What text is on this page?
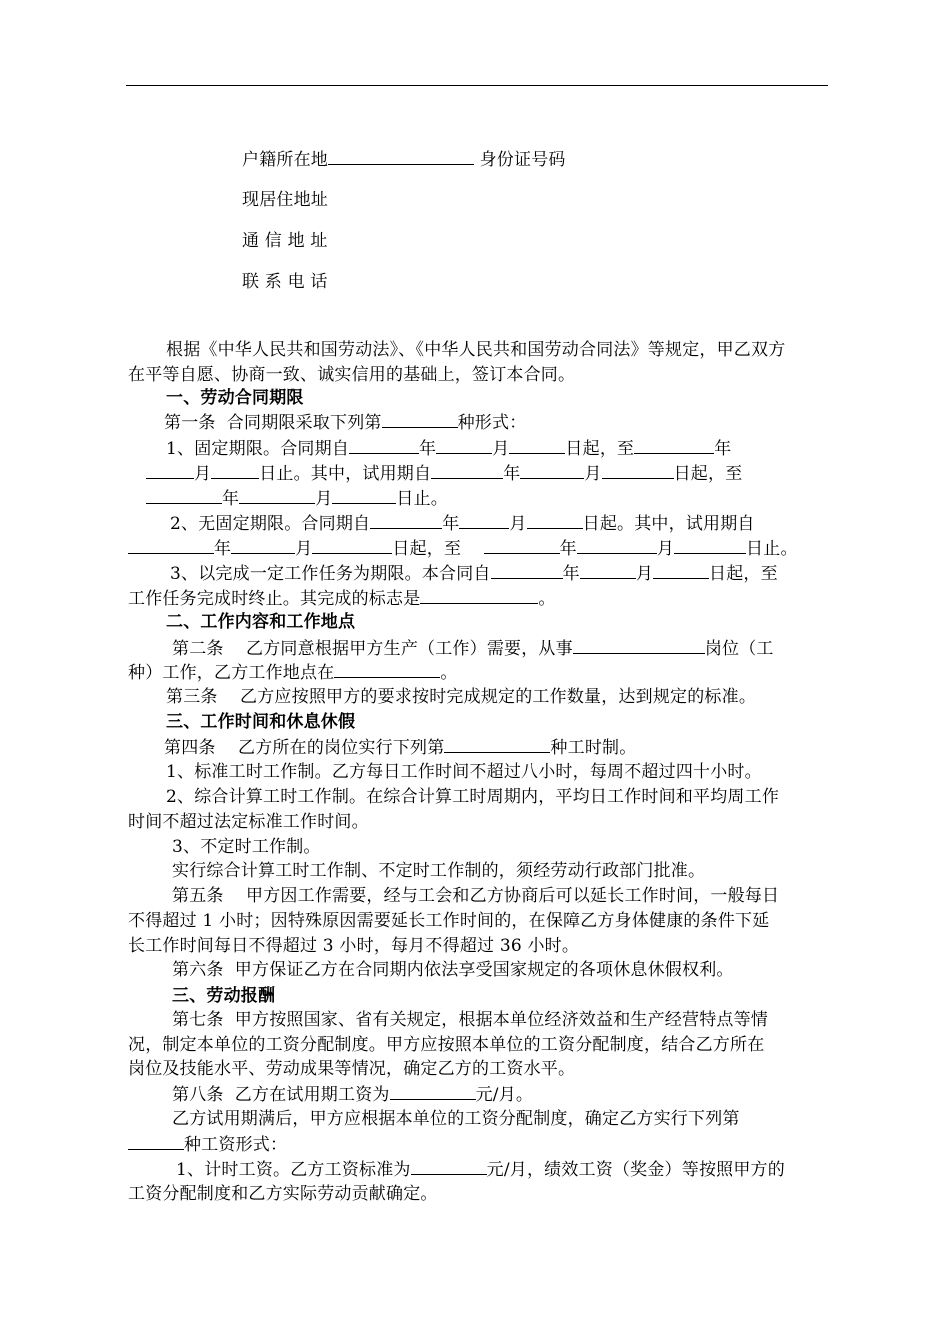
户籍所在地	身份证号码
现居住地址
通 信 地 址
联 系 电 话
根据《中华人民共和国劳动法》、《中华人民共和国劳动合同法》等规定，甲乙双方
在平等自愿、协商一致、诚实信用的基础上，签订本合同。
一、劳动合同期限
第一条  合同期限采取下列第	种形式：
1、固定期限。合同期自	年	月	日起，至	年
月	日止。其中，试用期自	年	月	日起，至
年	月	日止。
2、无固定期限。合同期自	年	月	日起。其中，试用期自
年	月	日起，至	年	月	日止。
3、以完成一定工作任务为期限。本合同自	年	月	日起，至
工作任务完成时终止。其完成的标志是	。
二、工作内容和工作地点
第二条    乙方同意根据甲方生产（工作）需要，从事	岗位（工
种）工作，乙方工作地点在	。
第三条    乙方应按照甲方的要求按时完成规定的工作数量，达到规定的标准。
三、工作时间和休息休假
第四条    乙方所在的岗位实行下列第	种工时制。
1、标准工时工作制。乙方每日工作时间不超过八小时，每周不超过四十小时。
2、综合计算工时工作制。在综合计算工时周期内，平均日工作时间和平均周工作
时间不超过法定标准工作时间。
3、不定时工作制。
实行综合计算工时工作制、不定时工作制的，须经劳动行政部门批准。
第五条    甲方因工作需要，经与工会和乙方协商后可以延长工作时间，一般每日
不得超过 1 小时；因特殊原因需要延长工作时间的，在保障乙方身体健康的条件下延
长工作时间每日不得超过 3 小时，每月不得超过 36 小时。
第六条  甲方保证乙方在合同期内依法享受国家规定的各项休息休假权利。
三、劳动报酬
第七条  甲方按照国家、省有关规定，根据本单位经济效益和生产经营特点等情
况，制定本单位的工资分配制度。甲方应按照本单位的工资分配制度，结合乙方所在
岗位及技能水平、劳动成果等情况，确定乙方的工资水平。
第八条  乙方在试用期工资为	元/月。
乙方试用期满后，甲方应根据本单位的工资分配制度，确定乙方实行下列第
种工资形式：
1、计时工资。乙方工资标准为	元/月，绩效工资（奖金）等按照甲方的
工资分配制度和乙方实际劳动贡献确定。
